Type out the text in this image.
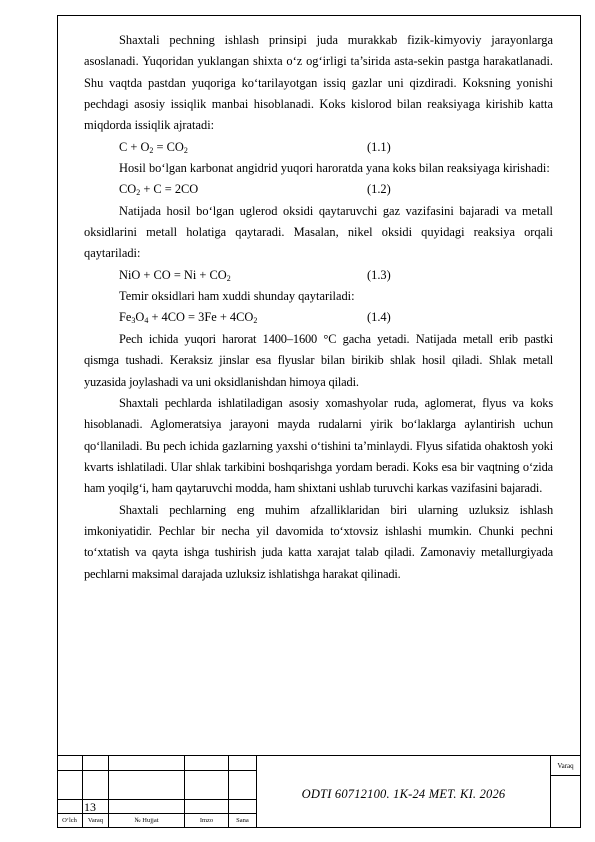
Shaxtali pechning ishlash prinsipi juda murakkab fizik-kimyoviy jarayonlarga asoslanadi. Yuqoridan yuklangan shixta o‘z og‘irligi ta’sirida asta-sekin pastga harakatlanadi. Shu vaqtda pastdan yuqoriga ko‘tarilayotgan issiq gazlar uni qizdiradi. Koksning yonishi pechdagi asosiy issiqlik manbai hisoblanadi. Koks kislorod bilan reaksiyaga kirishib katta miqdorda issiqlik ajratadi:

$C + O_2 = CO_2$	(1.1)

Hosil bo‘lgan karbonat angidrid yuqori haroratda yana koks bilan reaksiyaga kirishadi:

$CO_2 + C = 2CO$	(1.2)

Natijada hosil bo‘lgan uglerod oksidi qaytaruvchi gaz vazifasini bajaradi va metall oksidlarini metall holatiga qaytaradi. Masalan, nikel oksidi quyidagi reaksiya orqali qaytariladi:

NiO + CO = $Ni + CO_2$	(1.3)

Temir oksidlari ham xuddi shunday qaytariladi:

$Fe_3O_4 + 4CO = 3Fe + 4CO_2$	(1.4)

Pech ichida yuqori harorat 1400–1600 °C gacha yetadi. Natijada metall erib pastki qismga tushadi. Keraksiz jinslar esa flyuslar bilan birikib shlak hosil qiladi. Shlak metall yuzasida joylashadi va uni oksidlanishdan himoya qiladi.

Shaxtali pechlarda ishlatiladigan asosiy xomashyolar ruda, aglomerat, flyus va koks hisoblanadi. Aglomeratsiya jarayoni mayda rudalarni yirik bo‘laklarga aylantirish uchun qo‘llaniladi. Bu pech ichida gazlarning yaxshi o‘tishini ta’minlaydi. Flyus sifatida ohaktosh yoki kvarts ishlatiladi. Ular shlak tarkibini boshqarishga yordam beradi. Koks esa bir vaqtning o‘zida ham yoqilg‘i, ham qaytaruvchi modda, ham shixtani ushlab turuvchi karkas vazifasini bajaradi.

Shaxtali pechlarning eng muhim afzalliklaridan biri ularning uzluksiz ishlash imkoniyatidir. Pechlar bir necha yil davomida to‘xtovsiz ishlashi mumkin. Chunki pechni to‘xtatish va qayta ishga tushirish juda katta xarajat talab qiladi. Zamonaviy metallurgiyada pechlarni maksimal darajada uzluksiz ishlatishga harakat qilinadi.

O‘lch	Varaq	№ Hujjat	Imzo	Sana
13
ODTI 60712100. 1K-24 MET. KI. 2026
Varaq
